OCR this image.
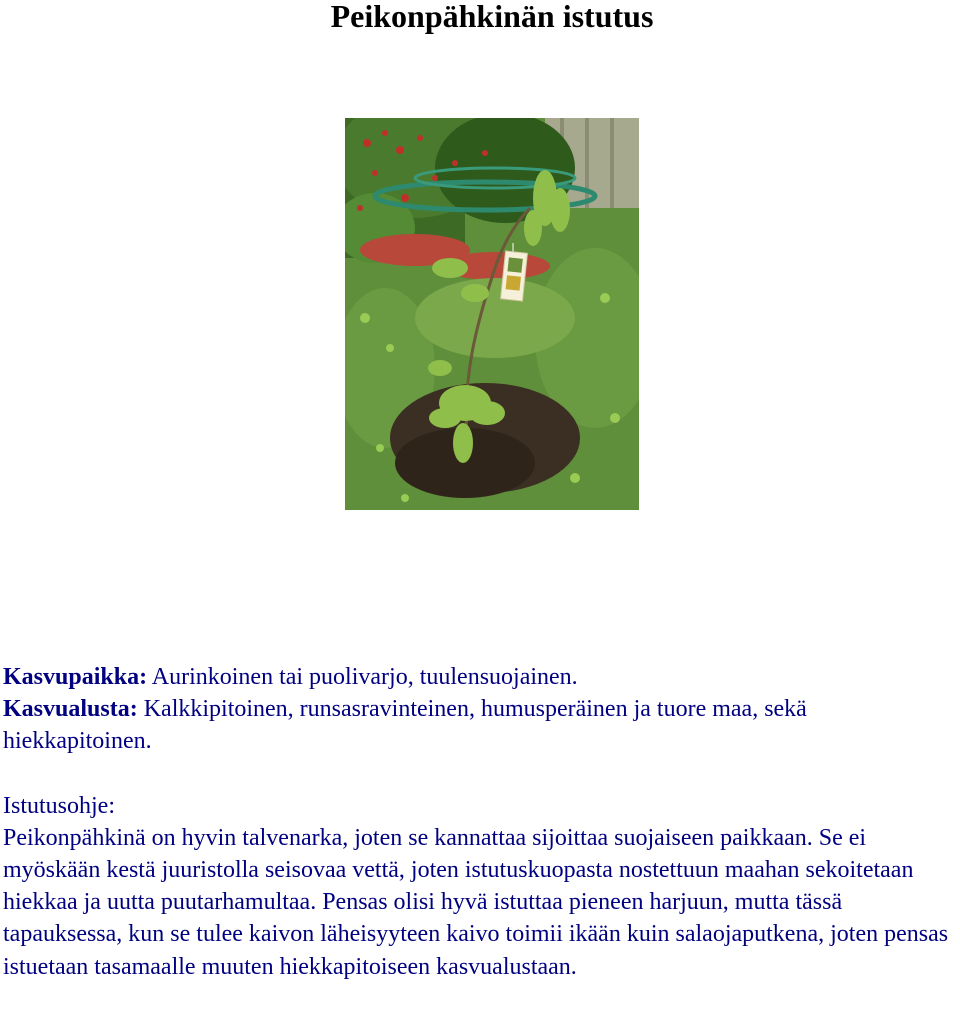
Peikonpähkinän istutus

Kasvupaikka: Aurinkoinen tai puolivarjo, tuulensuojainen.

Kasvualusta: Kalkkipitoinen, runsasravinteinen, humusperäinen ja tuore maa, sekä hiekkapitoinen.

Istutusohje:

Peikonpähkinä on hyvin talvenarka, joten se kannattaa sijoittaa suojaiseen paikkaan. Se ei myöskään kestä juuristolla seisovaa vettä, joten istutuskuopasta nostettuun maahan sekoitetaan hiekkaa ja uutta puutarhamultaa. Pensas olisi hyvä istuttaa pieneen harjuun, mutta tässä tapauksessa, kun se tulee kaivon läheisyyteen kaivo toimii ikään kuin salaojaputkena, joten pensas istuetaan tasamaalle muuten hiekkapitoiseen kasvualustaan.
